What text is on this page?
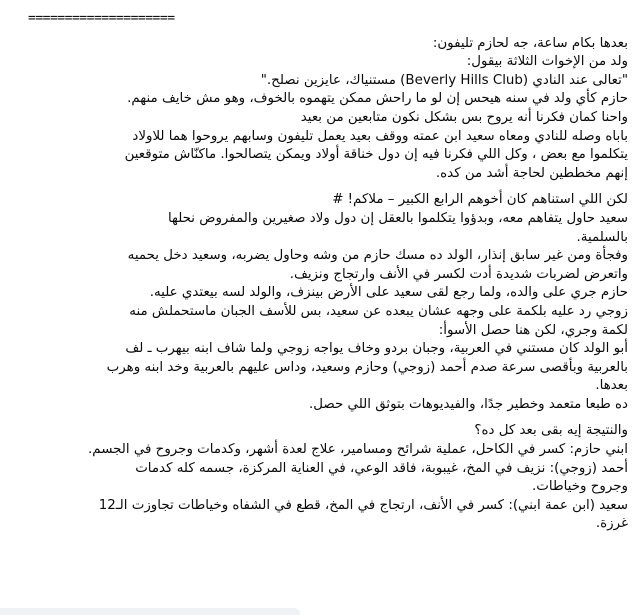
====================
بعدها بكام ساعة، جه لحازم تليفون:
ولد من الإخوات الثلاثة بيقول:
"تعالى عند النادي (Beverly Hills Club) مستنياك، عايزين نصلح."
حازم كأي ولد في سنه هيحس إن لو ما راحش ممكن يتهموه بالخوف، وهو مش خايف منهم.
واحنا كمان فكرنا أنه يروح بس بشكل نكون متابعين من بعيد
باباه وصله للنادي ومعاه سعيد ابن عمته ووقف بعيد يعمل تليفون وسابهم يروحوا هما للاولاد
يتكلموا مع بعض ، وكل اللي فكرنا فيه إن دول خناقة أولاد ويمكن يتصالحوا. ماكنّاش متوقعين
إنهم مخططين لحاجة أشد من كده.
لكن اللي استناهم كان أخوهم الرابع الكبير – ملاكم! #
سعيد حاول يتفاهم معه، وبدؤوا يتكلموا بالعقل إن دول ولاد صغيرين والمفروض نحلها
بالسلمية.
وفجأة ومن غير سابق إنذار، الولد ده مسك حازم من وشه وحاول يضربه، وسعيد دخل يحميه
واتعرض لضربات شديدة أدت لكسر في الأنف وارتجاج ونزيف.
حازم جري على والده، ولما رجع لقى سعيد على الأرض بينزف، والولد لسه بيعتدي عليه.
زوجي رد عليه بلكمة على وجهه عشان يبعده عن سعيد، بس للأسف الجبان ماستحملش منه
لكمة وجري، لكن هنا حصل الأسوأ:
أبو الولد كان مستني في العربية، وجبان بردو وخاف يواجه زوجي ولما شاف ابنه بيهرب ـ لف
بالعربية وبأقصى سرعة صدم أحمد (زوجي) وحازم وسعيد، وداس عليهم بالعربية وخد ابنه وهرب
بعدها.
ده طبعا متعمد وخطير جدًا، والفيديوهات بتوثق اللي حصل.
والنتيجة إيه بقى بعد كل ده؟
ابني حازم: كسر في الكاحل، عملية شرائح ومسامير، علاج لعدة أشهر، وكدمات وجروح في الجسم.
أحمد (زوجي): نزيف في المخ، غيبوبة، فاقد الوعي، في العناية المركزة، جسمه كله كدمات
وجروح وخياطات.
سعيد (ابن عمة ابني): كسر في الأنف، ارتجاج في المخ، قطع في الشفاه وخياطات تجاوزت الـ12
غرزة.
